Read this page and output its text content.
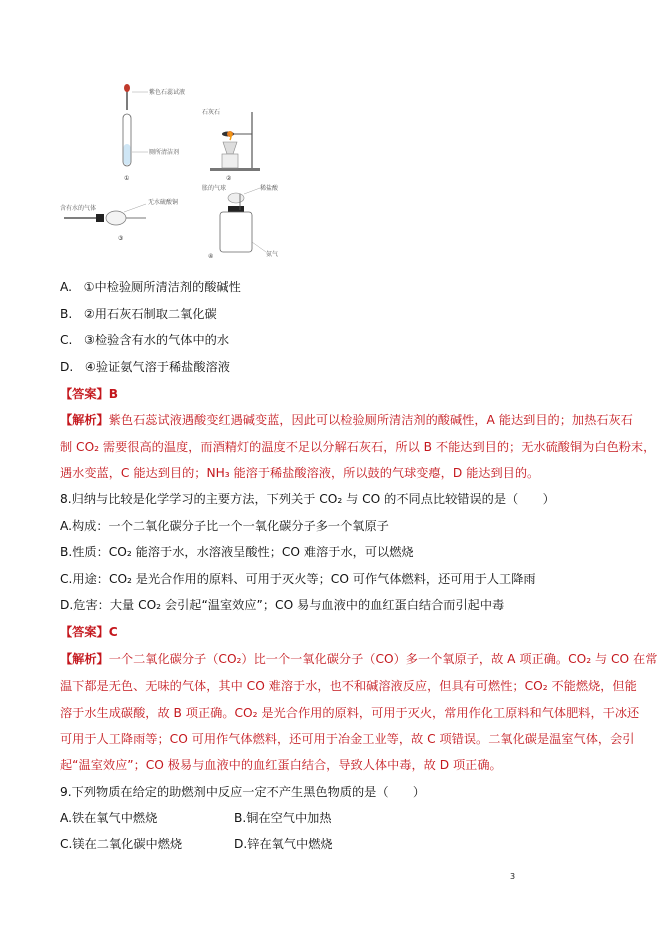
紫色石蕊试液
厕所清洁剂
①
石灰石
②
含有水的气体
无水硫酸铜
③
胀的气球	稀盐酸
氨气
④
A. ①中检验厕所清洁剂的酸碱性
B. ②用石灰石制取二氧化碳
C. ③检验含有水的气体中的水
D. ④验证氨气溶于稀盐酸溶液
【答案】B
【解析】紫色石蕊试液遇酸变红遇碱变蓝，因此可以检验厕所清洁剂的酸碱性，A 能达到目的；加热石灰石
制 CO₂ 需要很高的温度，而酒精灯的温度不足以分解石灰石，所以 B 不能达到目的；无水硫酸铜为白色粉末，
遇水变蓝，C 能达到目的；NH₃ 能溶于稀盐酸溶液，所以鼓的气球变瘪，D 能达到目的。
8.归纳与比较是化学学习的主要方法，下列关于 CO₂ 与 CO 的不同点比较错误的是（　　）
A.构成：一个二氧化碳分子比一个一氧化碳分子多一个氧原子
B.性质：CO₂ 能溶于水，水溶液呈酸性；CO 难溶于水，可以燃烧
C.用途：CO₂ 是光合作用的原料、可用于灭火等；CO 可作气体燃料，还可用于人工降雨
D.危害：大量 CO₂ 会引起“温室效应”；CO 易与血液中的血红蛋白结合而引起中毒
【答案】C
【解析】一个二氧化碳分子（CO₂）比一个一氧化碳分子（CO）多一个氧原子，故 A 项正确。CO₂ 与 CO 在常
温下都是无色、无味的气体，其中 CO 难溶于水，也不和碱溶液反应，但具有可燃性；CO₂ 不能燃烧，但能
溶于水生成碳酸，故 B 项正确。CO₂ 是光合作用的原料，可用于灭火，常用作化工原料和气体肥料，干冰还
可用于人工降雨等；CO 可用作气体燃料，还可用于冶金工业等，故 C 项错误。二氧化碳是温室气体，会引
起“温室效应”；CO 极易与血液中的血红蛋白结合，导致人体中毒，故 D 项正确。
9.下列物质在给定的助燃剂中反应一定不产生黑色物质的是（　　）
A.铁在氧气中燃烧	B.铜在空气中加热
C.镁在二氧化碳中燃烧	D.锌在氧气中燃烧
3
